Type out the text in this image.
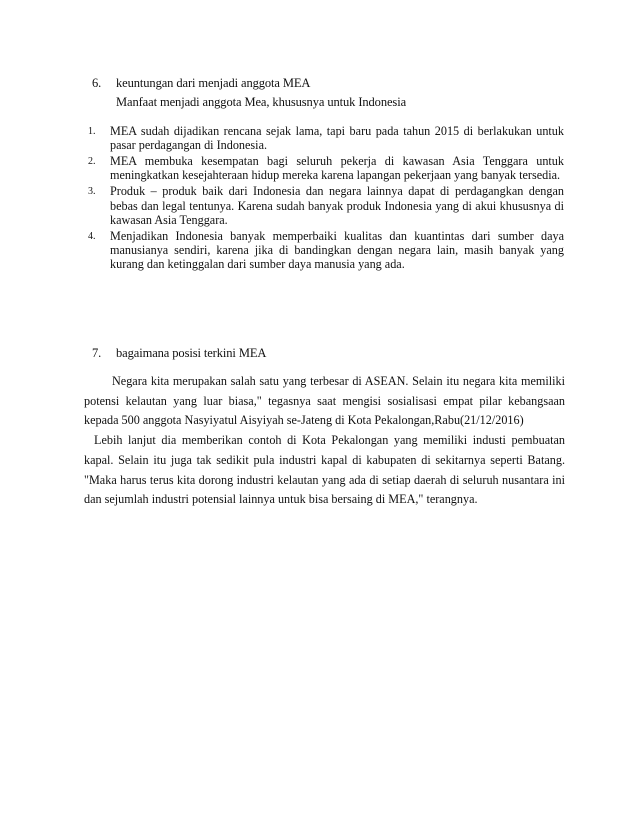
6. keuntungan dari menjadi anggota MEA
Manfaat menjadi anggota Mea, khususnya untuk Indonesia
1. MEA sudah dijadikan rencana sejak lama, tapi baru pada tahun 2015 di berlakukan untuk pasar perdagangan di Indonesia.
2. MEA membuka kesempatan bagi seluruh pekerja di kawasan Asia Tenggara untuk meningkatkan kesejahteraan hidup mereka karena lapangan pekerjaan yang banyak tersedia.
3. Produk – produk baik dari Indonesia dan negara lainnya dapat di perdagangkan dengan bebas dan legal tentunya. Karena sudah banyak produk Indonesia yang di akui khususnya di kawasan Asia Tenggara.
4. Menjadikan Indonesia banyak memperbaiki kualitas dan kuantintas dari sumber daya manusianya sendiri, karena jika di bandingkan dengan negara lain, masih banyak yang kurang dan ketinggalan dari sumber daya manusia yang ada.
7. bagaimana posisi terkini MEA

Negara kita merupakan salah satu yang terbesar di ASEAN. Selain itu negara kita memiliki potensi kelautan yang luar biasa," tegasnya saat mengisi sosialisasi empat pilar kebangsaan kepada 500 anggota Nasyiyatul Aisyiyah se-Jateng di Kota Pekalongan,Rabu(21/12/2016)

Lebih lanjut dia memberikan contoh di Kota Pekalongan yang memiliki industi pembuatan kapal. Selain itu juga tak sedikit pula industri kapal di kabupaten di sekitarnya seperti Batang. "Maka harus terus kita dorong industri kelautan yang ada di setiap daerah di seluruh nusantara ini dan sejumlah industri potensial lainnya untuk bisa bersaing di MEA," terangnya.
